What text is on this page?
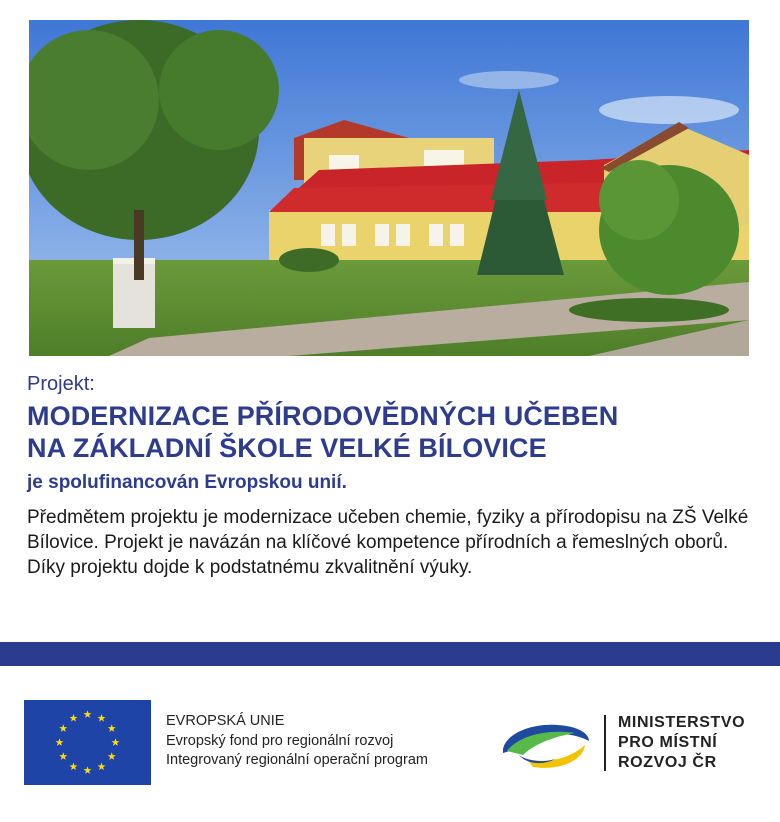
Projekt:

MODERNIZACE PŘÍRODOVĚDNÝCH UČEBEN
NA ZÁKLADNÍ ŠKOLE VELKÉ BÍLOVICE

je spolufinancován Evropskou unií.

Předmětem projektu je modernizace učeben chemie, fyziky a přírodopisu na ZŠ Velké Bílovice. Projekt je navázán na klíčové kompetence přírodních a řemeslných oborů. Díky projektu dojde k podstatnému zkvalitnění výuky.

EVROPSKÁ UNIE
Evropský fond pro regionální rozvoj
Integrovaný regionální operační program
MINISTERSTVO
PRO MÍSTNÍ
ROZVOJ ČR
